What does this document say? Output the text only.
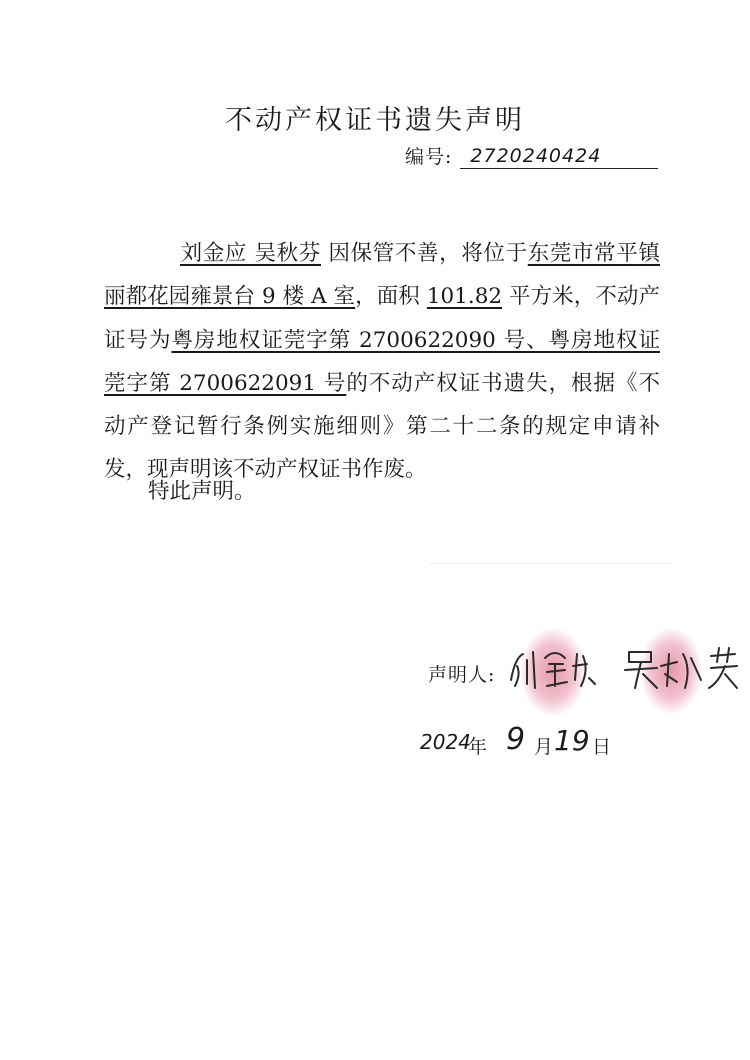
不动产权证书遗失声明
编号: 2720240424

刘金应 吴秋芬 因保管不善，将位于东莞市常平镇丽都花园雍景台 9 楼 A 室，面积 101.82 平方米，不动产证号为粤房地权证莞字第 2700622090 号、粤房地权证莞字第 2700622091 号的不动产权证书遗失，根据《不动产登记暂行条例实施细则》第二十二条的规定申请补发，现声明该不动产权证书作废。

特此声明。
声明人:
2024
年 9 月 19 日
